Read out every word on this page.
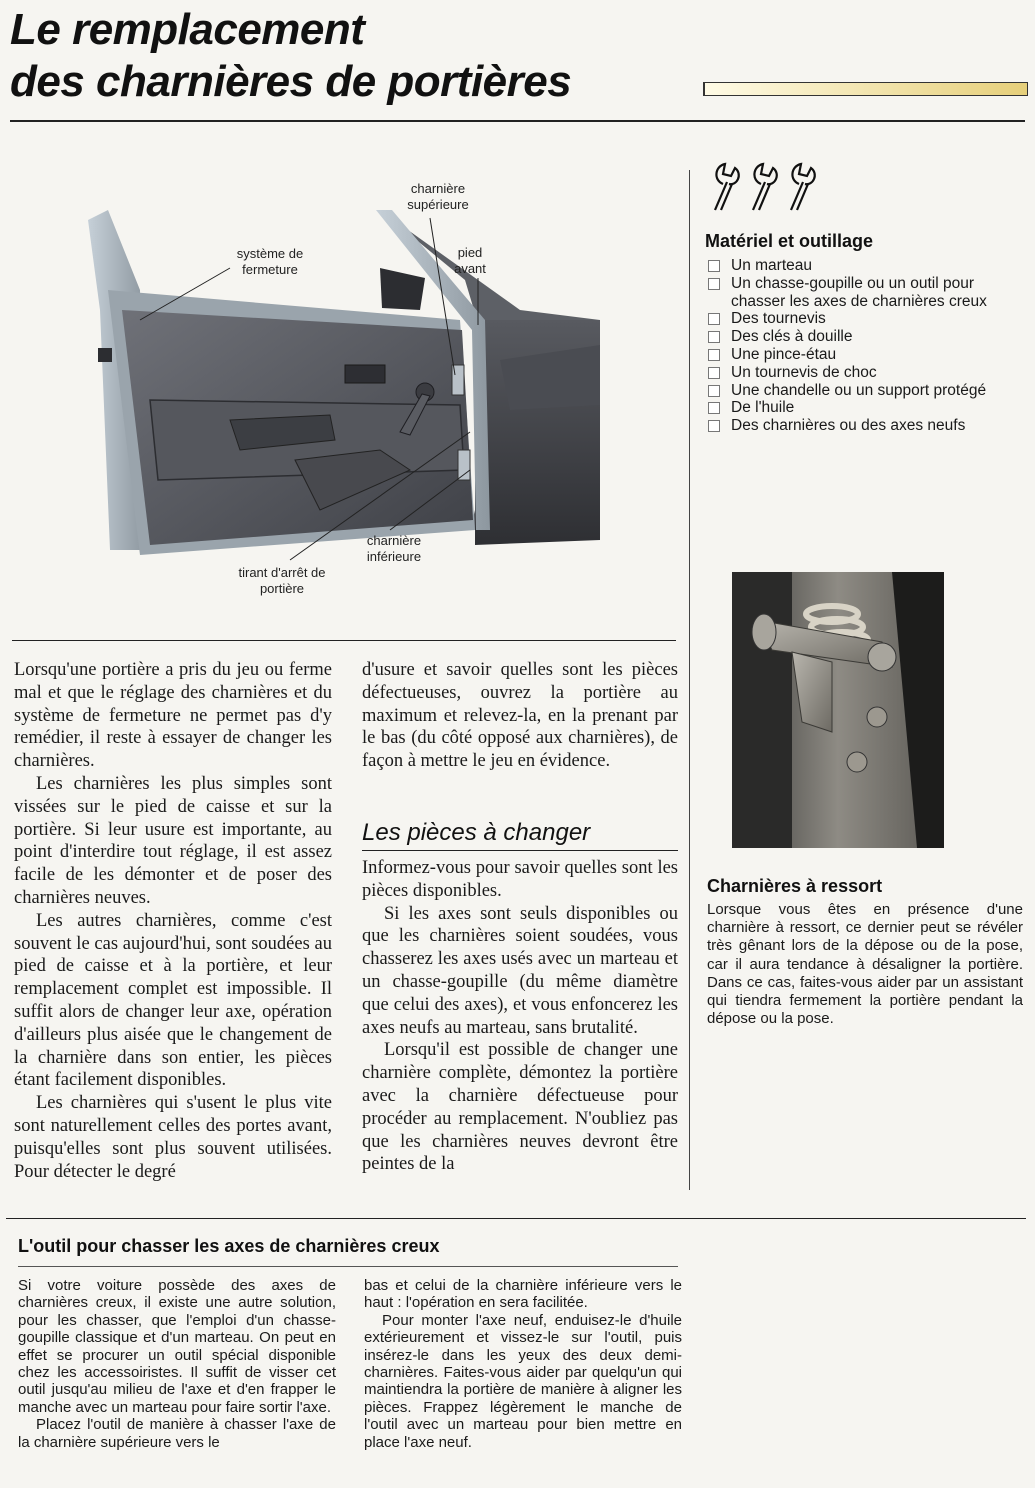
Le remplacement
des charnières de portières
système de fermeture
charnière supérieure
pied avant
charnière inférieure
tirant d'arrêt de portière
Matériel et outillage
Un marteau
Un chasse-goupille ou un outil pour chasser les axes de charnières creux
Des tournevis
Des clés à douille
Une pince-étau
Un tournevis de choc
Une chandelle ou un support protégé
De l'huile
Des charnières ou des axes neufs
Charnières à ressort
Lorsque vous êtes en présence d'une charnière à ressort, ce dernier peut se révéler très gênant lors de la dépose ou de la pose, car il aura tendance à désaligner la portière. Dans ce cas, faites-vous aider par un assistant qui tiendra fermement la portière pendant la dépose ou la pose.

Lorsqu'une portière a pris du jeu ou ferme mal et que le réglage des charnières et du système de fermeture ne permet pas d'y remédier, il reste à essayer de changer les charnières.

Les charnières les plus simples sont vissées sur le pied de caisse et sur la portière. Si leur usure est importante, au point d'interdire tout réglage, il est assez facile de les démonter et de poser des charnières neuves.

Les autres charnières, comme c'est souvent le cas aujourd'hui, sont soudées au pied de caisse et à la portière, et leur remplacement complet est impossible. Il suffit alors de changer leur axe, opération d'ailleurs plus aisée que le changement de la charnière dans son entier, les pièces étant facilement disponibles.

Les charnières qui s'usent le plus vite sont naturellement celles des portes avant, puisqu'elles sont plus souvent utilisées. Pour détecter le degré

d'usure et savoir quelles sont les pièces défectueuses, ouvrez la portière au maximum et relevez-la, en la prenant par le bas (du côté opposé aux charnières), de façon à mettre le jeu en évidence.

Les pièces à changer

Informez-vous pour savoir quelles sont les pièces disponibles.

Si les axes sont seuls disponibles ou que les charnières soient soudées, vous chasserez les axes usés avec un marteau et un chasse-goupille (du même diamètre que celui des axes), et vous enfoncerez les axes neufs au marteau, sans brutalité.

Lorsqu'il est possible de changer une charnière complète, démontez la portière avec la charnière défectueuse pour procéder au remplacement. N'oubliez pas que les charnières neuves devront être peintes de la

L'outil pour chasser les axes de charnières creux

Si votre voiture possède des axes de charnières creux, il existe une autre solution, pour les chasser, que l'emploi d'un chasse-goupille classique et d'un marteau. On peut en effet se procurer un outil spécial disponible chez les accessoiristes. Il suffit de visser cet outil jusqu'au milieu de l'axe et d'en frapper le manche avec un marteau pour faire sortir l'axe.

Placez l'outil de manière à chasser l'axe de la charnière supérieure vers le

bas et celui de la charnière inférieure vers le haut : l'opération en sera facilitée.

Pour monter l'axe neuf, enduisez-le d'huile extérieurement et vissez-le sur l'outil, puis insérez-le dans les yeux des deux demi-charnières. Faites-vous aider par quelqu'un qui maintiendra la portière de manière à aligner les pièces. Frappez légèrement le manche de l'outil avec un marteau pour bien mettre en place l'axe neuf.
